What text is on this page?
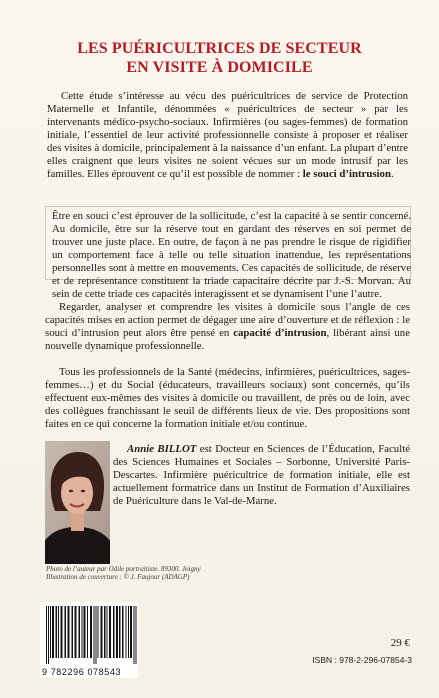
LES PUÉRICULTRICES DE SECTEUR
EN VISITE À DOMICILE
Cette étude s’intéresse au vécu des puéricultrices de service de Protection Maternelle et Infantile, dénommées « puéricultrices de secteur » par les intervenants médico-psycho-sociaux. Infirmières (ou sages-femmes) de formation initiale, l’essentiel de leur activité professionnelle consiste à proposer et réaliser des visites à domicile, principalement à la naissance d’un enfant. La plupart d’entre elles craignent que leurs visites ne soient vécues sur un mode intrusif par les familles. Elles éprouvent ce qu’il est possible de nommer : le souci d’intrusion.
Être en souci c’est éprouver de la sollicitude, c’est la capacité à se sentir concerné. Au domicile, être sur la réserve tout en gardant des réserves en soi permet de trouver une juste place. En outre, de façon à ne pas prendre le risque de rigidifier un comportement face à telle ou telle situation inattendue, les représentations personnelles sont à mettre en mouvements. Ces capacités de sollicitude, de réserve et de représentance constituent la triade capacitaire décrite par J.-S. Morvan. Au sein de cette triade ces capacités interagissent et se dynamisent l’une l’autre.
Regarder, analyser et comprendre les visites à domicile sous l’angle de ces capacités mises en action permet de dégager une aire d’ouverture et de réflexion : le souci d’intrusion peut alors être pensé en capacité d’intrusion, libérant ainsi une nouvelle dynamique professionnelle.
Tous les professionnels de la Santé (médecins, infirmières, puéricultrices, sages-femmes…) et du Social (éducateurs, travailleurs sociaux) sont concernés, qu’ils effectuent eux-mêmes des visites à domicile ou travaillent, de près ou de loin, avec des collègues franchissant le seuil de différents lieux de vie. Des propositions sont faites en ce qui concerne la formation initiale et/ou continue.
Photo de l’auteur par Odile portraitiste. 89300. Joigny
Illustration de couverture : © J. Faujour (ADAGP)
Annie BILLOT est Docteur en Sciences de l’Éducation, Faculté des Sciences Humaines et Sociales – Sorbonne, Université Paris-Descartes. Infirmière puéricultrice de formation initiale, elle est actuellement formatrice dans un Institut de Formation d’Auxiliaires de Puériculture dans le Val-de-Marne.
9 782296 078543
29 €
ISBN : 978-2-296-07854-3
